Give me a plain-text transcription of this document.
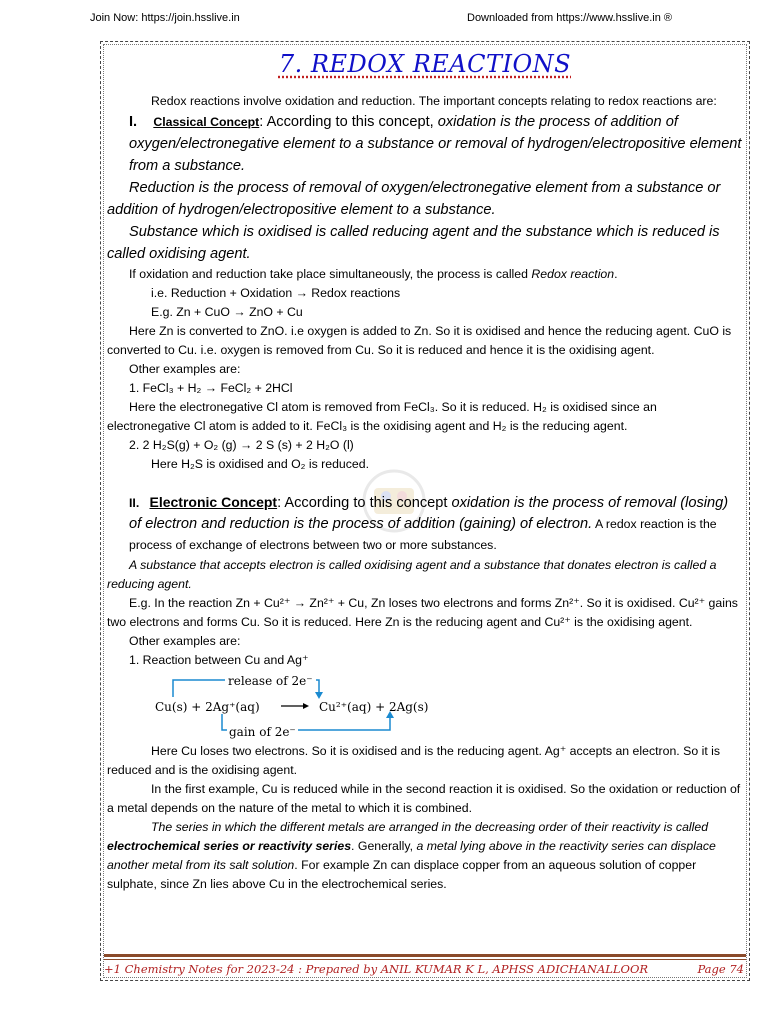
Join Now: https://join.hsslive.in	Downloaded from https://www.hsslive.in ®
7. REDOX REACTIONS

Redox reactions involve oxidation and reduction. The important concepts relating to redox reactions are:

I. Classical Concept: According to this concept, oxidation is the process of addition of oxygen/electronegative element to a substance or removal of hydrogen/electropositive element from a substance.

Reduction is the process of removal of oxygen/electronegative element from a substance or addition of hydrogen/electropositive element to a substance.

Substance which is oxidised is called reducing agent and the substance which is reduced is called oxidising agent.

If oxidation and reduction take place simultaneously, the process is called Redox reaction.

i.e. Reduction + Oxidation → Redox reactions

E.g. Zn + CuO → ZnO + Cu

Here Zn is converted to ZnO. i.e oxygen is added to Zn. So it is oxidised and hence the reducing agent. CuO is converted to Cu. i.e. oxygen is removed from Cu. So it is reduced and hence it is the oxidising agent.

Other examples are:

1. FeCl₃ + H₂ → FeCl₂ + 2HCl

Here the electronegative Cl atom is removed from FeCl₃. So it is reduced. H₂ is oxidised since an electronegative Cl atom is added to it. FeCl₃ is the oxidising agent and H₂ is the reducing agent.

2. 2 H₂S(g) + O₂ (g) → 2 S (s) + 2 H₂O (l)

Here H₂S is oxidised and O₂ is reduced.

II. Electronic Concept: According to this concept oxidation is the process of removal (losing) of electron and reduction is the process of addition (gaining) of electron. A redox reaction is the process of exchange of electrons between two or more substances.

A substance that accepts electron is called oxidising agent and a substance that donates electron is called a reducing agent.

E.g. In the reaction Zn + Cu²⁺ → Zn²⁺ + Cu, Zn loses two electrons and forms Zn²⁺. So it is oxidised. Cu²⁺ gains two electrons and forms Cu. So it is reduced. Here Zn is the reducing agent and Cu²⁺ is the oxidising agent.

Other examples are:

1. Reaction between Cu and Ag⁺

release of 2e⁻
Cu(s) + 2Ag⁺(aq)	Cu²⁺(aq) + 2Ag(s)
gain of 2e⁻

Here Cu loses two electrons. So it is oxidised and is the reducing agent. Ag⁺ accepts an electron. So it is reduced and is the oxidising agent.

In the first example, Cu is reduced while in the second reaction it is oxidised. So the oxidation or reduction of a metal depends on the nature of the metal to which it is combined.

The series in which the different metals are arranged in the decreasing order of their reactivity is called electrochemical series or reactivity series. Generally, a metal lying above in the reactivity series can displace another metal from its salt solution. For example Zn can displace copper from an aqueous solution of copper sulphate, since Zn lies above Cu in the electrochemical series.

+1 Chemistry Notes for 2023-24 : Prepared by ANIL KUMAR K L, APHSS ADICHANALLOOR	Page 74
